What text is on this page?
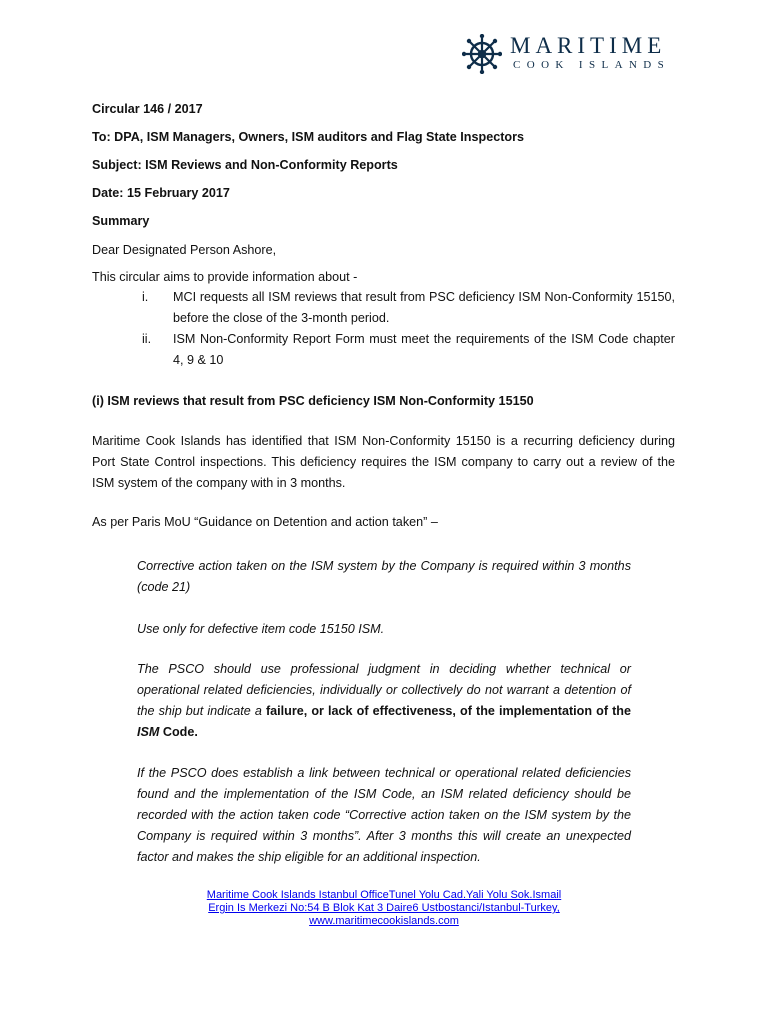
MARITIME
COOK ISLANDS
Circular 146 / 2017
To: DPA, ISM Managers, Owners, ISM auditors and Flag State Inspectors
Subject: ISM Reviews and Non-Conformity Reports
Date: 15 February 2017
Summary
Dear Designated Person Ashore,
This circular aims to provide information about -
i. MCI requests all ISM reviews that result from PSC deficiency ISM Non-Conformity 15150, before the close of the 3-month period.
ii. ISM Non-Conformity Report Form must meet the requirements of the ISM Code chapter 4, 9 & 10
(i) ISM reviews that result from PSC deficiency ISM Non-Conformity 15150
Maritime Cook Islands has identified that ISM Non-Conformity 15150 is a recurring deficiency during Port State Control inspections. This deficiency requires the ISM company to carry out a review of the ISM system of the company with in 3 months.
As per Paris MoU “Guidance on Detention and action taken” –
Corrective action taken on the ISM system by the Company is required within 3 months (code 21)
Use only for defective item code 15150 ISM.
The PSCO should use professional judgment in deciding whether technical or operational related deficiencies, individually or collectively do not warrant a detention of the ship but indicate a failure, or lack of effectiveness, of the implementation of the ISM Code.
If the PSCO does establish a link between technical or operational related deficiencies found and the implementation of the ISM Code, an ISM related deficiency should be recorded with the action taken code “Corrective action taken on the ISM system by the Company is required within 3 months”. After 3 months this will create an unexpected factor and makes the ship eligible for an additional inspection.
Maritime Cook Islands Istanbul OfficeTunel Yolu Cad.Yali Yolu Sok.Ismail
Ergin Is Merkezi No:54 B Blok Kat 3 Daire6 Ustbostanci/Istanbul-Turkey,
www.maritimecookislands.com
